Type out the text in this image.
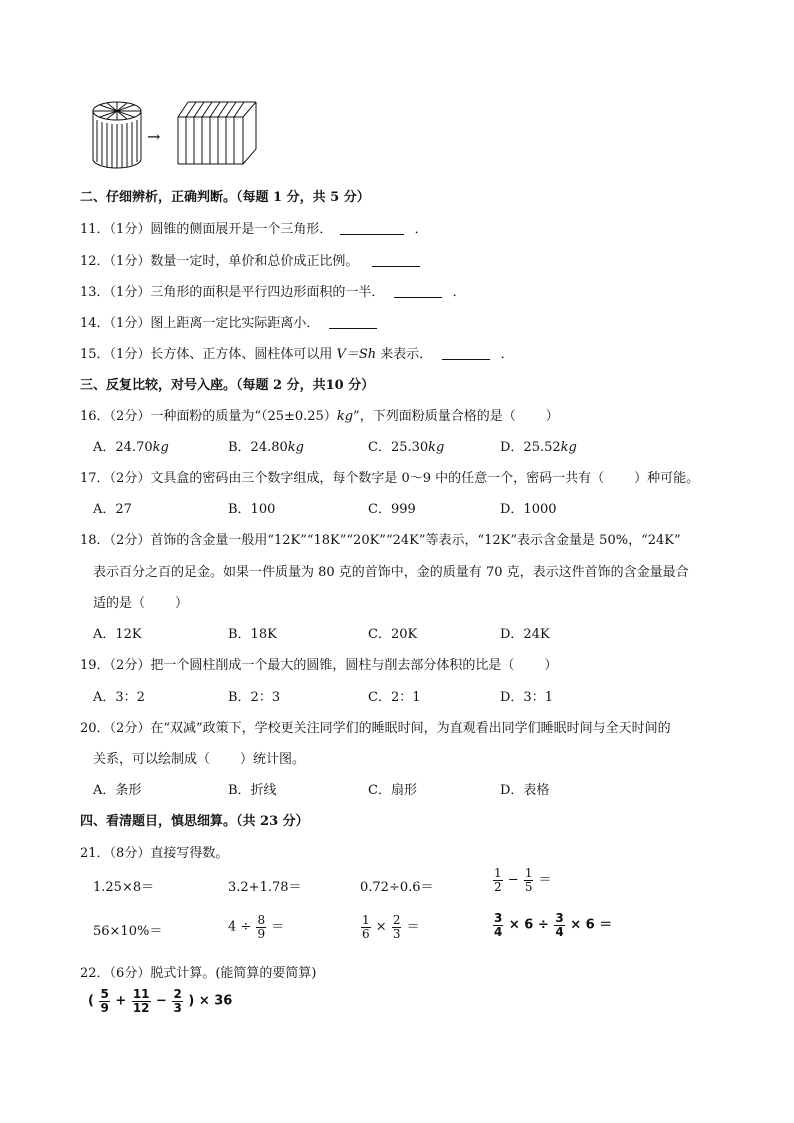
→
二、仔细辨析，正确判断。（每题 1 分，共 5 分）
11．（1分）圆锥的侧面展开是一个三角形．	．
12．（1分）数量一定时，单价和总价成正比例。
13．（1分）三角形的面积是平行四边形面积的一半．	．
14．（1分）图上距离一定比实际距离小．
15．（1分）长方体、正方体、圆柱体可以用 V＝Sh 来表示．	．
三、反复比较，对号入座。（每题 2 分，共10 分）
16．（2分）一种面粉的质量为“（25±0.25）kg”，下列面粉质量合格的是（ ）
A．24.70kg	B．24.80kg	C．25.30kg	D．25.52kg
17．（2分）文具盒的密码由三个数字组成，每个数字是 0～9 中的任意一个，密码一共有（ ）种可能。
A．27	B．100	C．999	D．1000
18．（2分）首饰的含金量一般用“12K”“18K”“20K”“24K”等表示，“12K”表示含金量是 50%，“24K”
表示百分之百的足金。如果一件质量为 80 克的首饰中，金的质量有 70 克，表示这件首饰的含金量最合
适的是（ ）
A．12K	B．18K	C．20K	D．24K
19．（2分）把一个圆柱削成一个最大的圆锥，圆柱与削去部分体积的比是（ ）
A．3：2	B．2：3	C．2：1	D．3：1
20．（2分）在“双减”政策下，学校更关注同学们的睡眠时间，为直观看出同学们睡眠时间与全天时间的
关系，可以绘制成（ ）统计图。
A．条形	B．折线	C．扇形	D．表格
四、看清题目，慎思细算。（共 23 分）
21．（8分）直接写得数。
1.25×8＝	3.2+1.78＝	0.72÷0.6＝	$\frac{1}{2} - \frac{1}{5}$ ＝
56×10%＝	$4 \div \frac{8}{9}$ ＝	$\frac{1}{6} \times \frac{2}{3}$ ＝	$\frac{3}{4} \times 6 \div \frac{3}{4} \times 6$ ＝
22．（6分）脱式计算。(能简算的要简算)
( $\frac{5}{9} + \frac{11}{12} - \frac{2}{3}$ ) × 36
